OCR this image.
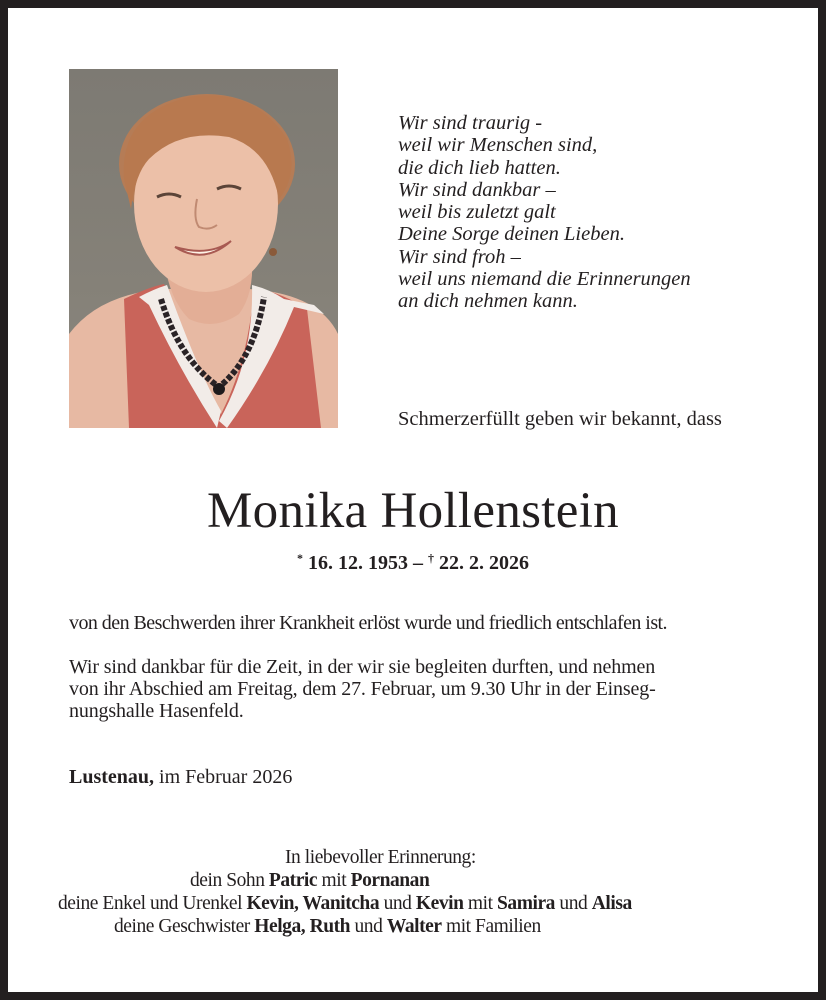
Wir sind traurig -
weil wir Menschen sind,
die dich lieb hatten.
Wir sind dankbar –
weil bis zuletzt galt
Deine Sorge deinen Lieben.
Wir sind froh –
weil uns niemand die Erinnerungen
an dich nehmen kann.
Schmerzerfüllt geben wir bekannt, dass
Monika Hollenstein
* 16. 12. 1953 – † 22. 2. 2026
von den Beschwerden ihrer Krankheit erlöst wurde und friedlich entschlafen ist.
Wir sind dankbar für die Zeit, in der wir sie begleiten durften, und nehmen
von ihr Abschied am Freitag, dem 27. Februar, um 9.30 Uhr in der Einseg-
nungshalle Hasenfeld.
Lustenau, im Februar 2026
In liebevoller Erinnerung:
dein Sohn Patric mit Pornanan
deine Enkel und Urenkel Kevin, Wanitcha und Kevin mit Samira und Alisa
deine Geschwister Helga, Ruth und Walter mit Familien
